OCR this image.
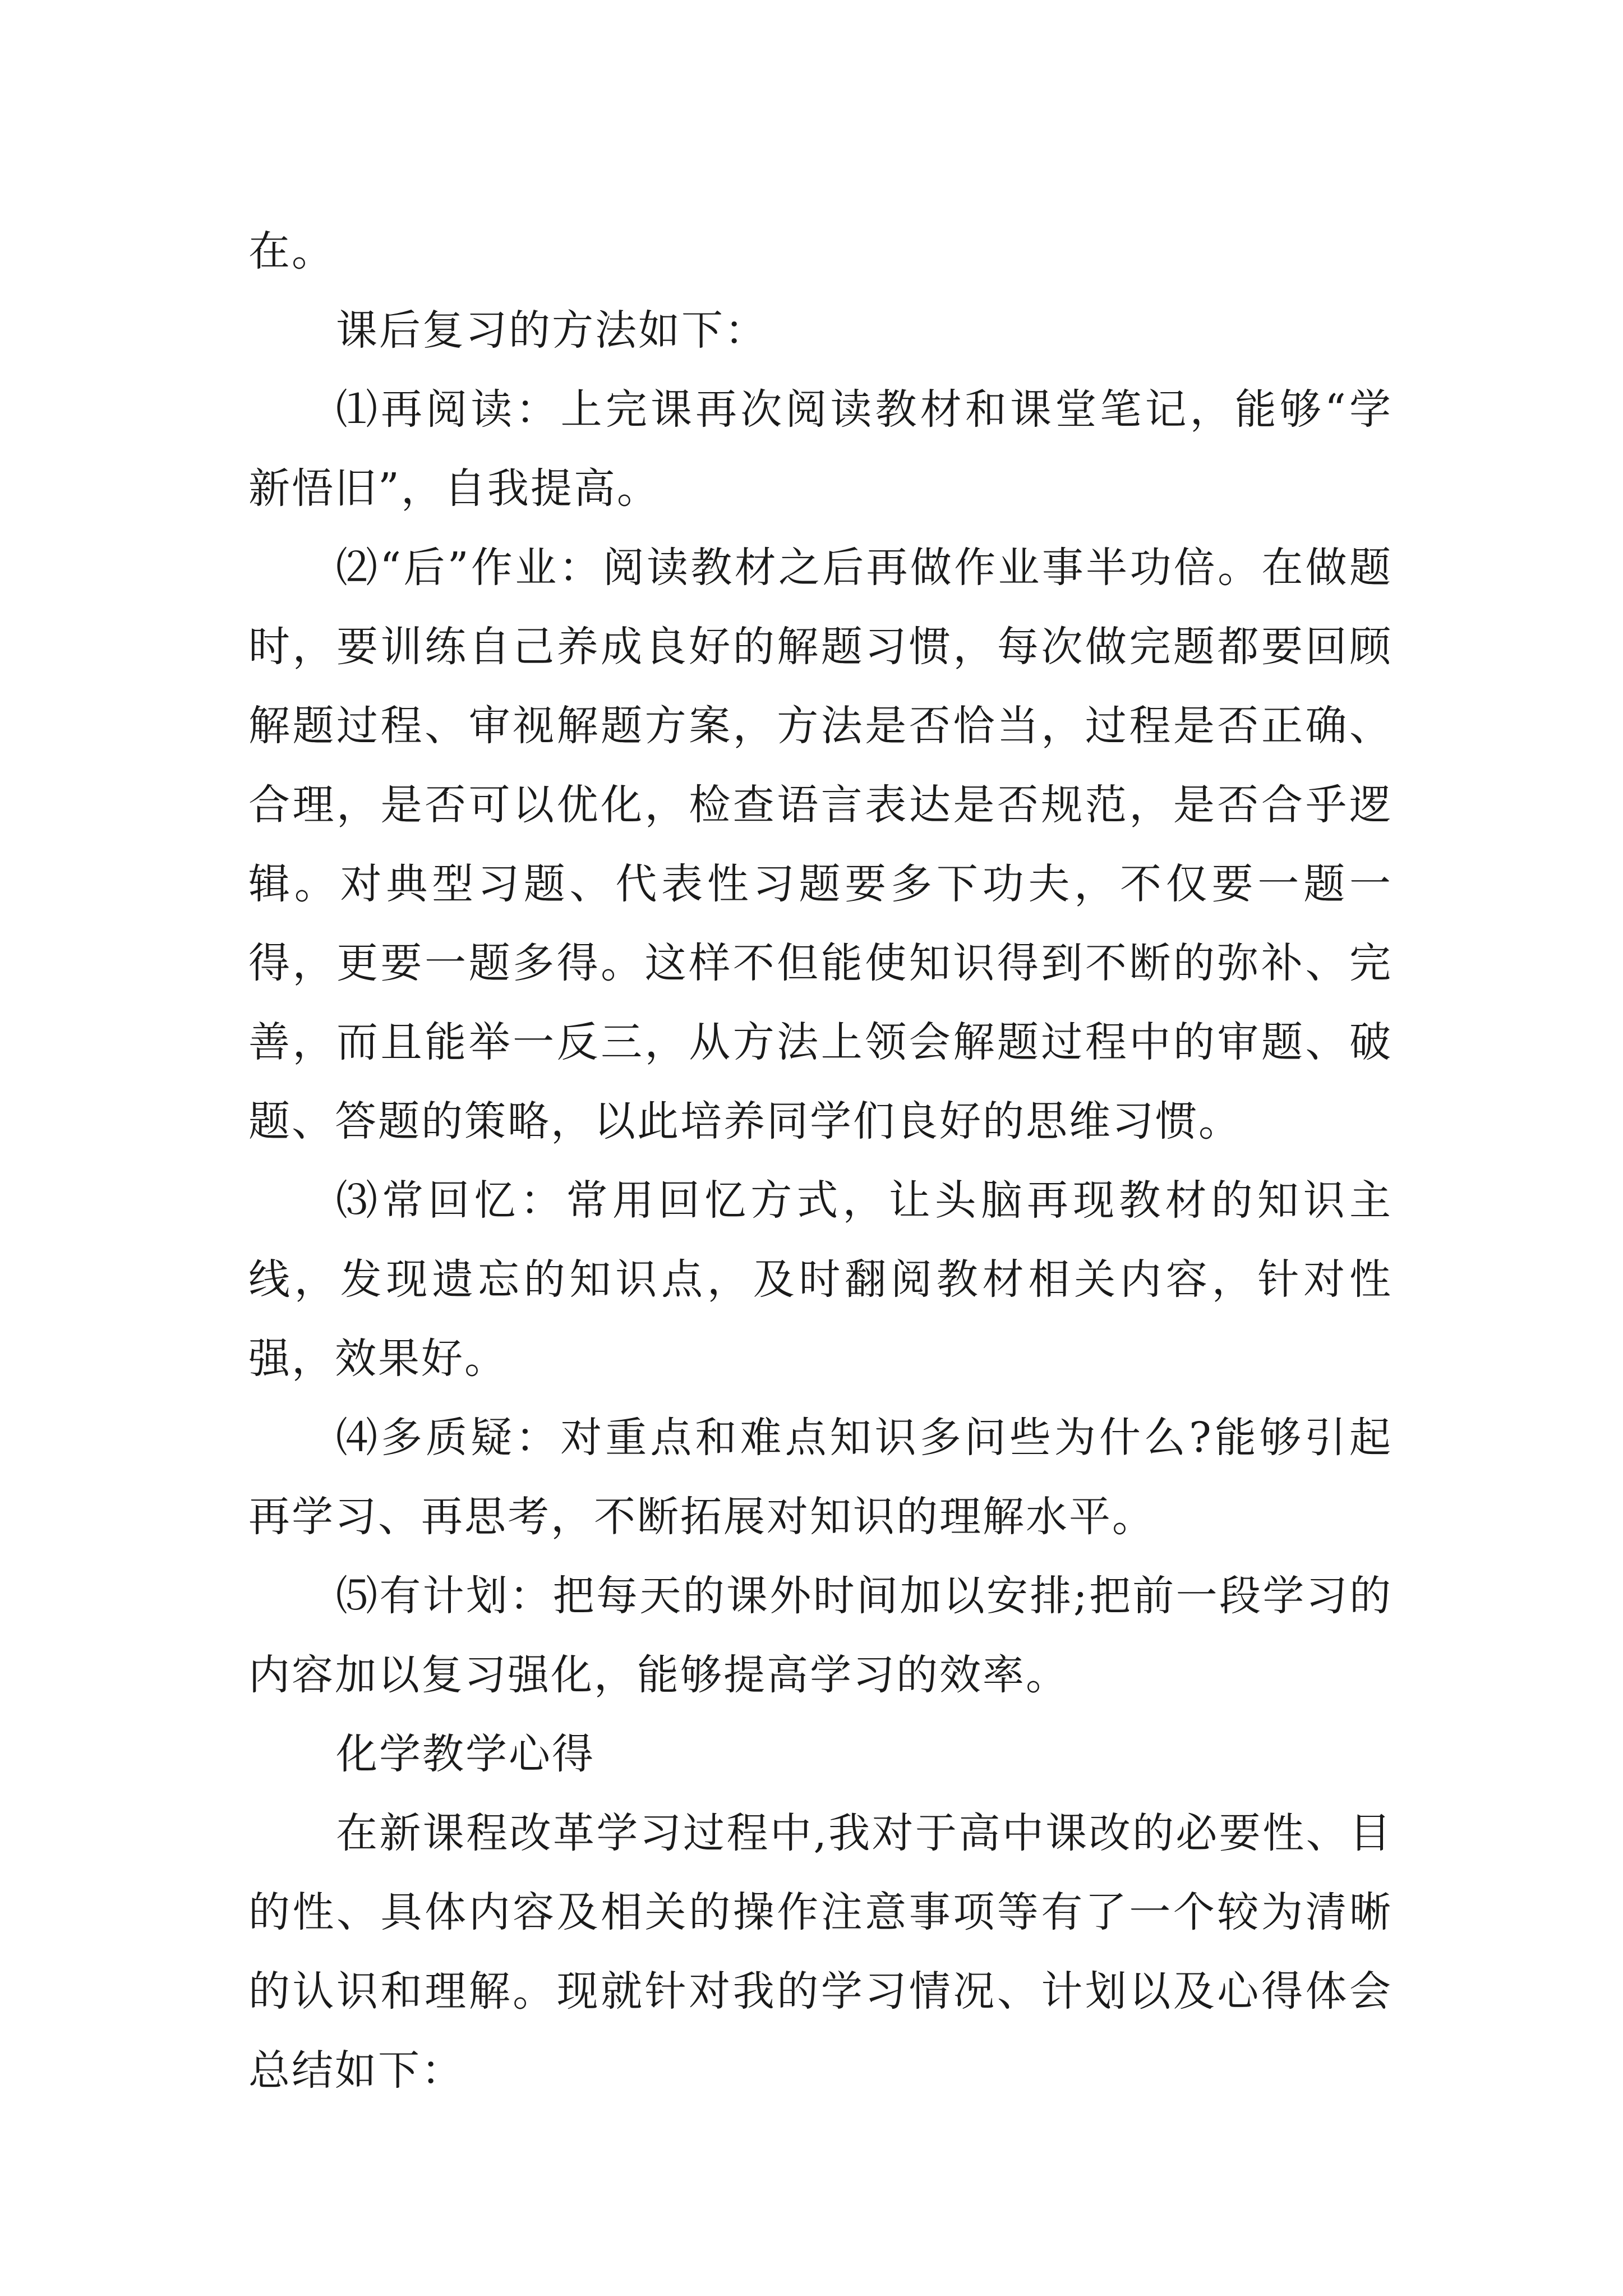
在。

课后复习的方法如下：

⑴再阅读：上完课再次阅读教材和课堂笔记，能够“学新悟旧”，自我提高。

⑵“后”作业：阅读教材之后再做作业事半功倍。在做题时，要训练自己养成良好的解题习惯，每次做完题都要回顾解题过程、审视解题方案，方法是否恰当，过程是否正确、合理，是否可以优化，检查语言表达是否规范，是否合乎逻辑。对典型习题、代表性习题要多下功夫，不仅要一题一得，更要一题多得。这样不但能使知识得到不断的弥补、完善，而且能举一反三，从方法上领会解题过程中的审题、破题、答题的策略，以此培养同学们良好的思维习惯。

⑶常回忆：常用回忆方式，让头脑再现教材的知识主线，发现遗忘的知识点，及时翻阅教材相关内容，针对性强，效果好。

⑷多质疑：对重点和难点知识多问些为什么?能够引起再学习、再思考，不断拓展对知识的理解水平。

⑸有计划：把每天的课外时间加以安排;把前一段学习的内容加以复习强化，能够提高学习的效率。

化学教学心得

在新课程改革学习过程中,我对于高中课改的必要性、目的性、具体内容及相关的操作注意事项等有了一个较为清晰的认识和理解。现就针对我的学习情况、计划以及心得体会总结如下：
